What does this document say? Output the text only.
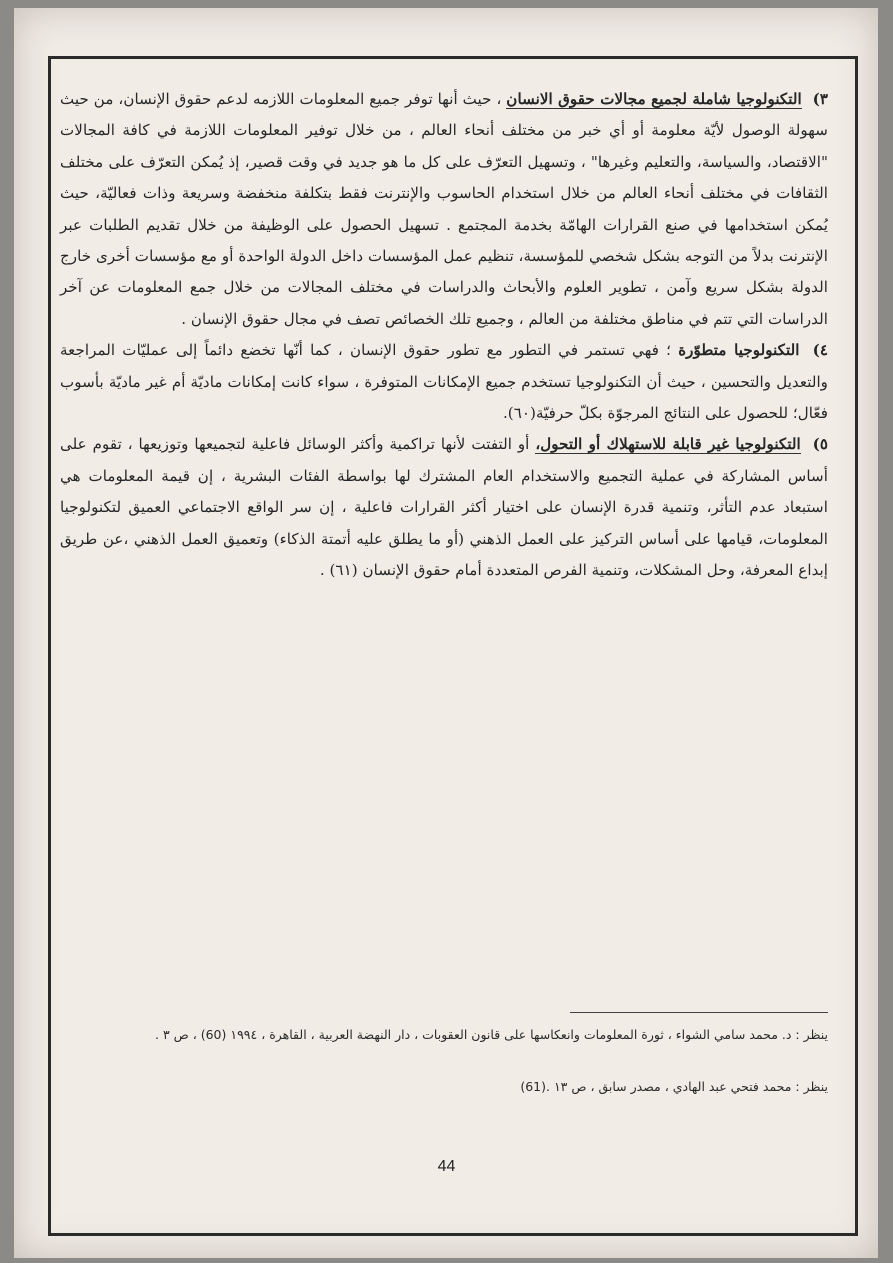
٣) التكنولوجيا شاملة لجميع مجالات حقوق الانسان ، حيث أنها توفر جميع المعلومات اللازمه لدعم حقوق الإنسان، من حيث سهولة الوصول لأيّة معلومة أو أي خبر من مختلف أنحاء العالم ، من خلال توفير المعلومات اللازمة في كافة المجالات "الاقتصاد، والسياسة، والتعليم وغيرها" ، وتسهيل التعرّف على كل ما هو جديد في وقت قصير، إذ يُمكن التعرّف على مختلف الثقافات في مختلف أنحاء العالم من خلال استخدام الحاسوب والإنترنت فقط بتكلفة منخفضة وسريعة وذات فعاليّة، حيث يُمكن استخدامها في صنع القرارات الهامّة بخدمة المجتمع . تسهيل الحصول على الوظيفة من خلال تقديم الطلبات عبر الإنترنت بدلاً من التوجه بشكل شخصي للمؤسسة، تنظيم عمل المؤسسات داخل الدولة الواحدة أو مع مؤسسات أخرى خارج الدولة بشكل سريع وآمن ، تطوير العلوم والأبحاث والدراسات في مختلف المجالات من خلال جمع المعلومات عن آخر الدراسات التي تتم في مناطق مختلفة من العالم ، وجميع تلك الخصائص تصف في مجال حقوق الإنسان .

٤) التكنولوجيا متطوّرة ؛ فهي تستمر في التطور مع تطور حقوق الإنسان ، كما أنّها تخضع دائماً إلى عمليّات المراجعة والتعديل والتحسين ، حيث أن التكنولوجيا تستخدم جميع الإمكانات المتوفرة ، سواء كانت إمكانات ماديّة أم غير ماديّة بأسوب فعّال؛ للحصول على النتائج المرجوّة بكلّ حرفيّة(٦٠).

٥) التكنولوجيا غير قابلة للاستهلاك أو التحول، أو التفتت لأنها تراكمية وأكثر الوسائل فاعلية لتجميعها وتوزيعها ، تقوم على أساس المشاركة في عملية التجميع والاستخدام العام المشترك لها بواسطة الفئات البشرية ، إن قيمة المعلومات هي استبعاد عدم التأثر، وتنمية قدرة الإنسان على اختيار أكثر القرارات فاعلية ، إن سر الواقع الاجتماعي العميق لتكنولوجيا المعلومات، قيامها على أساس التركيز على العمل الذهني (أو ما يطلق عليه أتمتة الذكاء) وتعميق العمل الذهني ،عن طريق إبداع المعرفة، وحل المشكلات، وتنمية الفرص المتعددة أمام حقوق الإنسان (٦١) .

ينظر : د. محمد سامي الشواء ، ثورة المعلومات وانعكاسها على قانون العقوبات ، دار النهضة العربية ، القاهرة ، ١٩٩٤ (60) ، ص ٣ .

ينظر : محمد فتحي عبد الهادي ، مصدر سابق ، ص ١٣ .(61)

44
